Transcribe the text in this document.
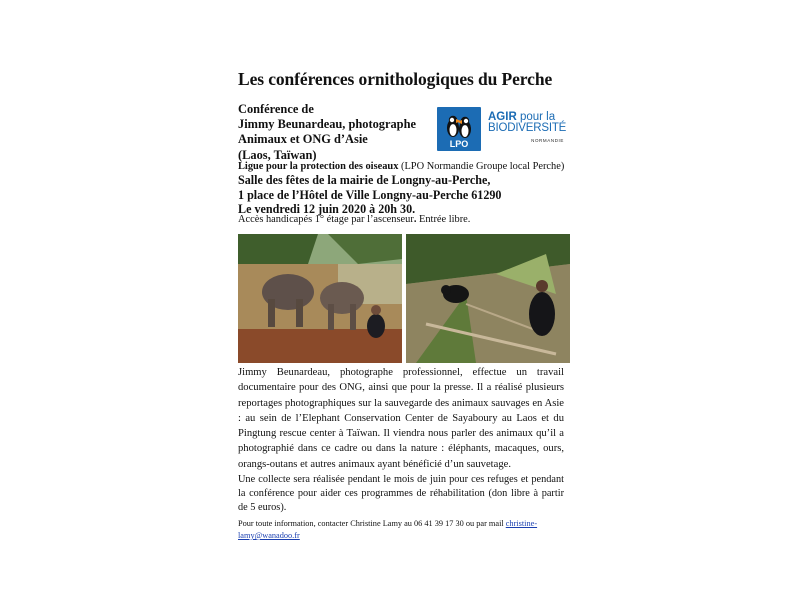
Les conférences ornithologiques du Perche
Conférence de
Jimmy Beunardeau, photographe
Animaux et ONG d’Asie
(Laos, Taïwan)
LPO
AGIR pour la
BIODIVERSITÉ
NORMANDIE
Ligue pour la protection des oiseaux (LPO Normandie Groupe local Perche)
Salle des fêtes de la mairie de Longny-au-Perche,
1 place de l’Hôtel de Ville Longny-au-Perche 61290
Le vendredi 12 juin 2020 à 20h 30.
Accès handicapés 1° étage par l’ascenseur. Entrée libre.
Jimmy Beunardeau, photographe professionnel, effectue un travail documentaire pour des ONG, ainsi que pour la presse. Il a réalisé plusieurs reportages photographiques sur la sauvegarde des animaux sauvages en Asie : au sein de l’Elephant Conservation Center de Sayaboury au Laos et du Pingtung rescue center à Taïwan. Il viendra nous parler des animaux qu’il a photographié dans ce cadre ou dans la nature : éléphants, macaques, ours, orangs-outans et autres animaux ayant bénéficié d’un sauvetage.
Une collecte sera réalisée pendant le mois de juin pour ces refuges et pendant la conférence pour aider ces programmes de réhabilitation (don libre à partir de 5 euros).
Pour toute information, contacter Christine Lamy au 06 41 39 17 30 ou par mail christine-lamy@wanadoo.fr
